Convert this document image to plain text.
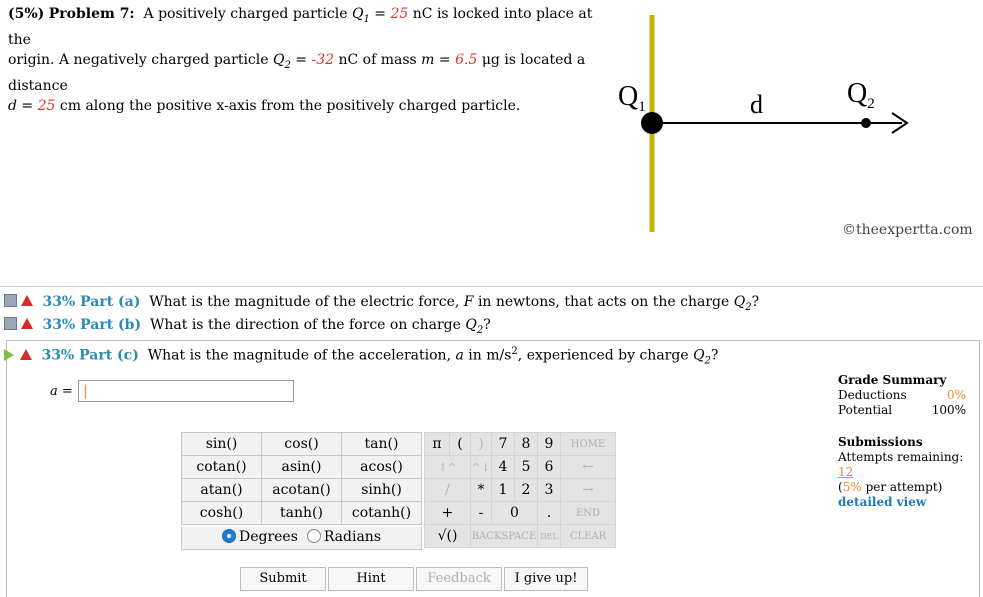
(5%) Problem 7: A positively charged particle $Q_1 = 25$ nC is locked into place at the
origin. A negatively charged particle $Q_2 = -32$ nC of mass m = 6.5 μg is located a distance
d = 25 cm along the positive x-axis from the positively charged particle.	$Q_1$	d	$Q_2$
©theexpertta.com
33% Part (a) What is the magnitude of the electric force, F in newtons, that acts on the charge $Q_2$?
33% Part (b) What is the direction of the force on charge $Q_2$?
33% Part (c) What is the magnitude of the acceleration, a in $m/s^2$, experienced by charge $Q_2$?
a = |
sin()	cos()	tan()
cotan()	asin()	acos()
atan()	acotan()	sinh()
cosh()	tanh()	cotanh()
Degrees Radians
π	(	)	7	8	9	HOME
↑^		^↓	4	5	6	←
/		*	1	2	3	→
+		-	0		.	END
√()		BACKSPACE			DEL	CLEAR
Submit	Hint	Feedback	I give up!
Grade Summary
Deductions	0%
Potential	100%
Submissions
Attempts remaining: 12
(5% per attempt)
detailed view
